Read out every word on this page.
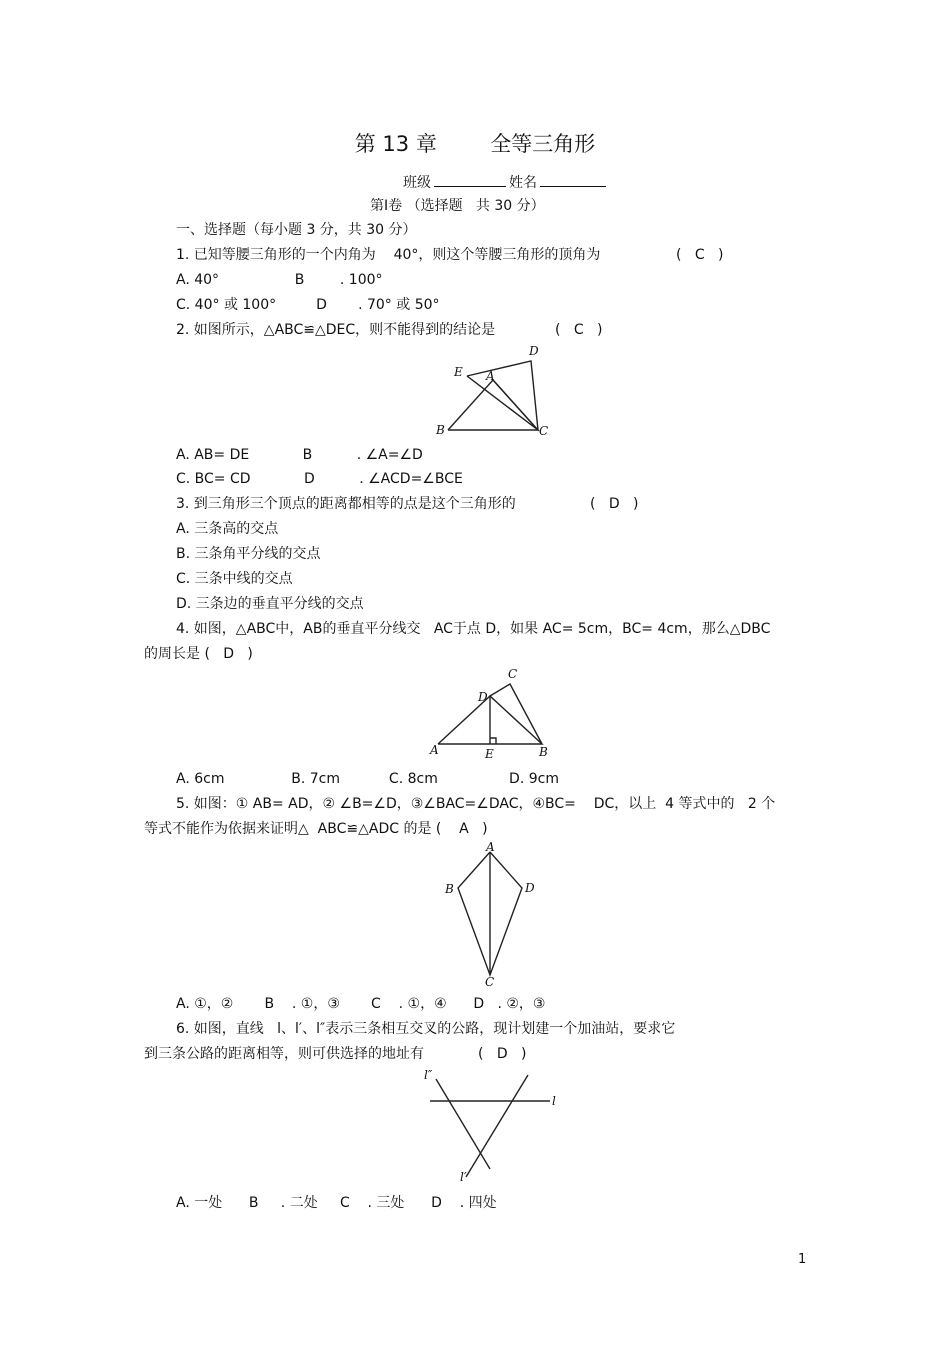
第 13 章        全等三角形
班级	姓名
第Ⅰ卷 （选择题   共 30 分）
一、选择题（每小题 3 分，共 30 分）
1. 已知等腰三角形的一个内角为    40°，则这个等腰三角形的顶角为	(   C   )
A. 40°                 B        . 100°
C. 40° 或 100°         D       . 70° 或 50°
2. 如图所示，△ABC≌△DEC，则不能得到的结论是	(   C   )
E A
D
B	C
A. AB= DE            B          . ∠A=∠D
C. BC= CD            D          . ∠ACD=∠BCE
3. 到三角形三个顶点的距离都相等的点是这个三角形的	(   D   )
A. 三条高的交点
B. 三条角平分线的交点
C. 三条中线的交点
D. 三条边的垂直平分线的交点
4. 如图，△ABC中，AB的垂直平分线交   AC于点 D，如果 AC= 5cm，BC= 4cm，那么△DBC
的周长是 (   D   )
C
D
A	E	B
A. 6cm               B. 7cm           C. 8cm                D. 9cm
5. 如图：① AB= AD，② ∠B=∠D，③∠BAC=∠DAC，④BC=    DC，以上  4 等式中的   2 个
等式不能作为依据来证明△  ABC≌△ADC 的是 (    A   )
A
B	D
C
A. ①，②       B    . ①，③       C    . ①，④      D   . ②，③
6. 如图，直线   l、l′、l″表示三条相互交叉的公路，现计划建一个加油站，要求它
到三条公路的距离相等，则可供选择的地址有	(   D   )
l″
l
l′
A. 一处      B     . 二处     C    . 三处      D    . 四处
1
